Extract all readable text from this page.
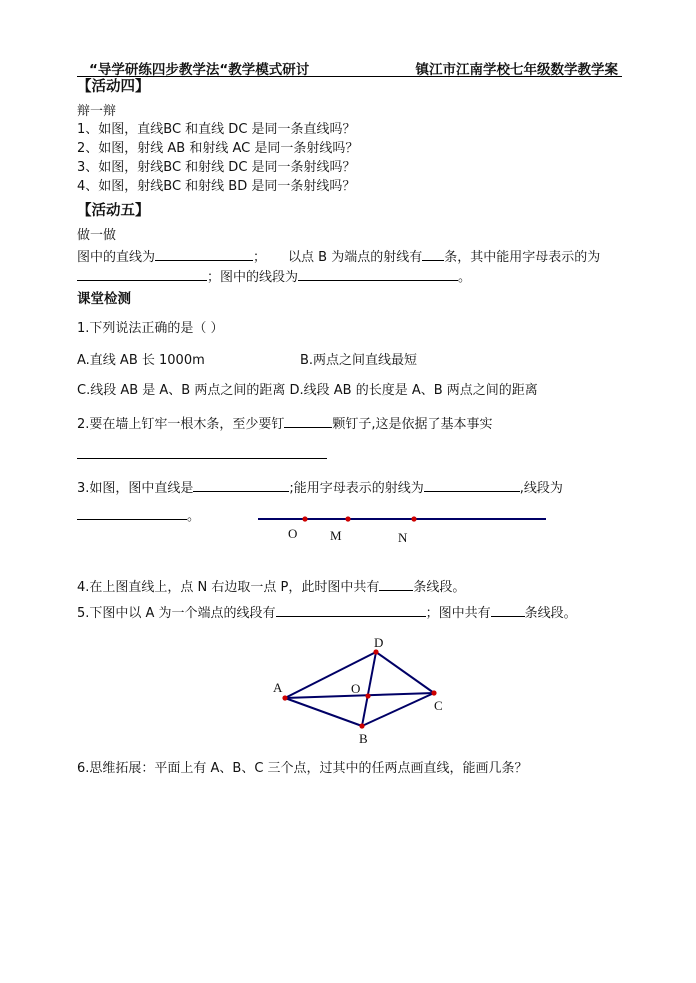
“导学研练四步教学法“教学模式研讨	镇江市江南学校七年级数学教学案
【活动四】
辩一辩
1、如图，直线BC 和直线 DC 是同一条直线吗？
2、如图，射线 AB 和射线 AC 是同一条射线吗？
3、如图，射线BC 和射线 DC 是同一条射线吗？
4、如图，射线BC 和射线 BD 是同一条射线吗？
【活动五】
做一做
图中的直线为	； 以点 B 为端点的射线有 条，其中能用字母表示的为
；图中的线段为	。
课堂检测
1.下列说法正确的是（ ）
A.直线 AB 长 1000m	B.两点之间直线最短
C.线段 AB 是 A、B 两点之间的距离 D.线段 AB 的长度是 A、B 两点之间的距离
2.要在墙上钉牢一根木条，至少要钉	颗钉子,这是依据了基本事实
3.如图，图中直线是	;能用字母表示的射线为	,线段为
。
O	M	N
4.在上图直线上，点 N 右边取一点 P，此时图中共有	条线段。
5.下图中以 A 为一个端点的线段有	；图中共有	条线段。
A
B
C
D
O
6.思维拓展：平面上有 A、B、C 三个点，过其中的任两点画直线，能画几条？
